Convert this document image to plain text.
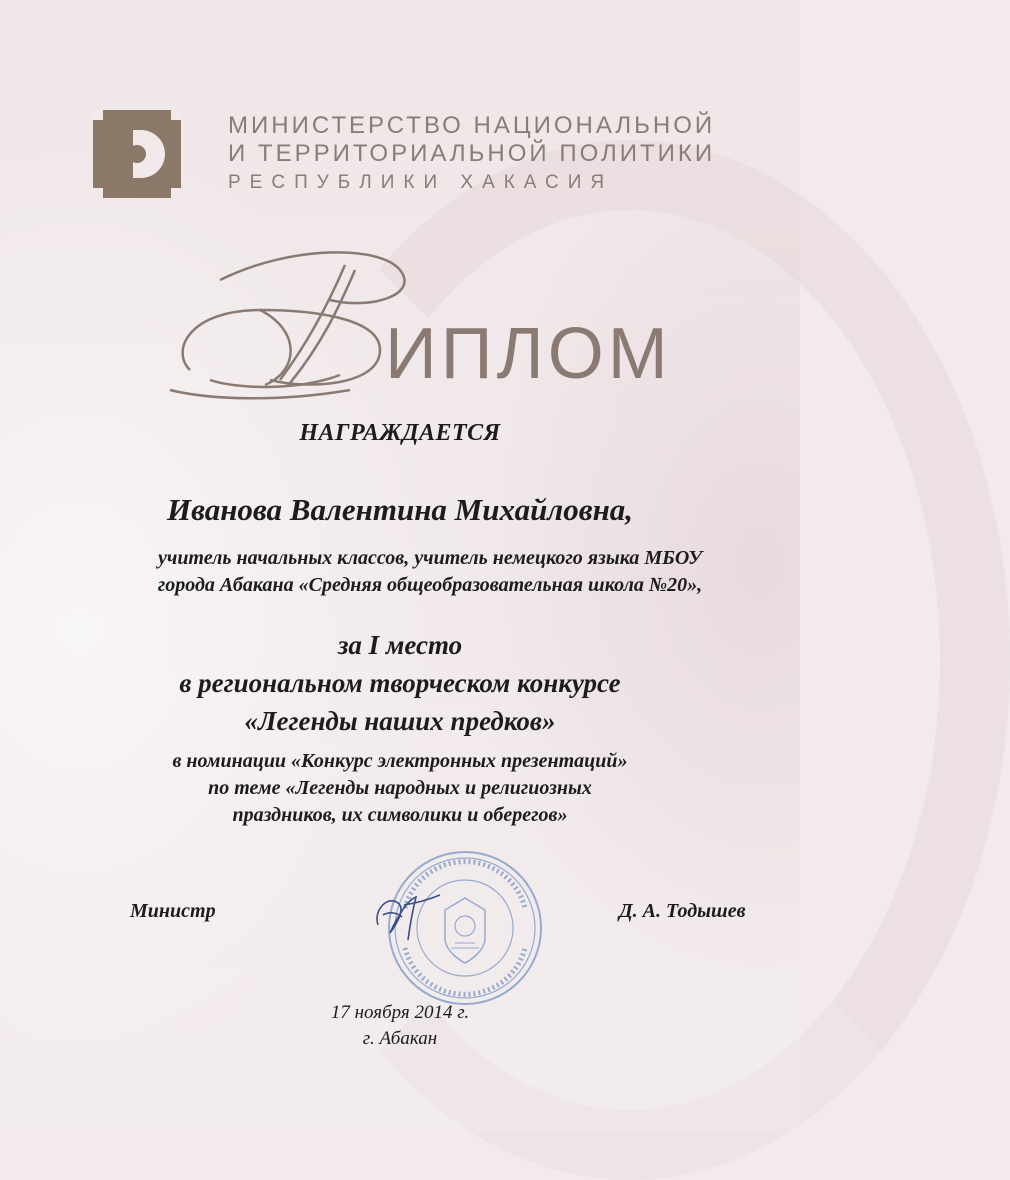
МИНИСТЕРСТВО НАЦИОНАЛЬНОЙ
И ТЕРРИТОРИАЛЬНОЙ ПОЛИТИКИ
РЕСПУБЛИКИ ХАКАСИЯ
Д
ИПЛОМ
НАГРАЖДАЕТСЯ
Иванова Валентина Михайловна,
учитель начальных классов, учитель немецкого языка МБОУ
города Абакана «Средняя общеобразовательная школа №20»,
за I место
в региональном творческом конкурсе
«Легенды наших предков»
в номинации «Конкурс электронных презентаций»
по теме «Легенды народных и религиозных
праздников, их символики и оберегов»
Министр	Д. А. Тодышев
17 ноября 2014 г.
г. Абакан
